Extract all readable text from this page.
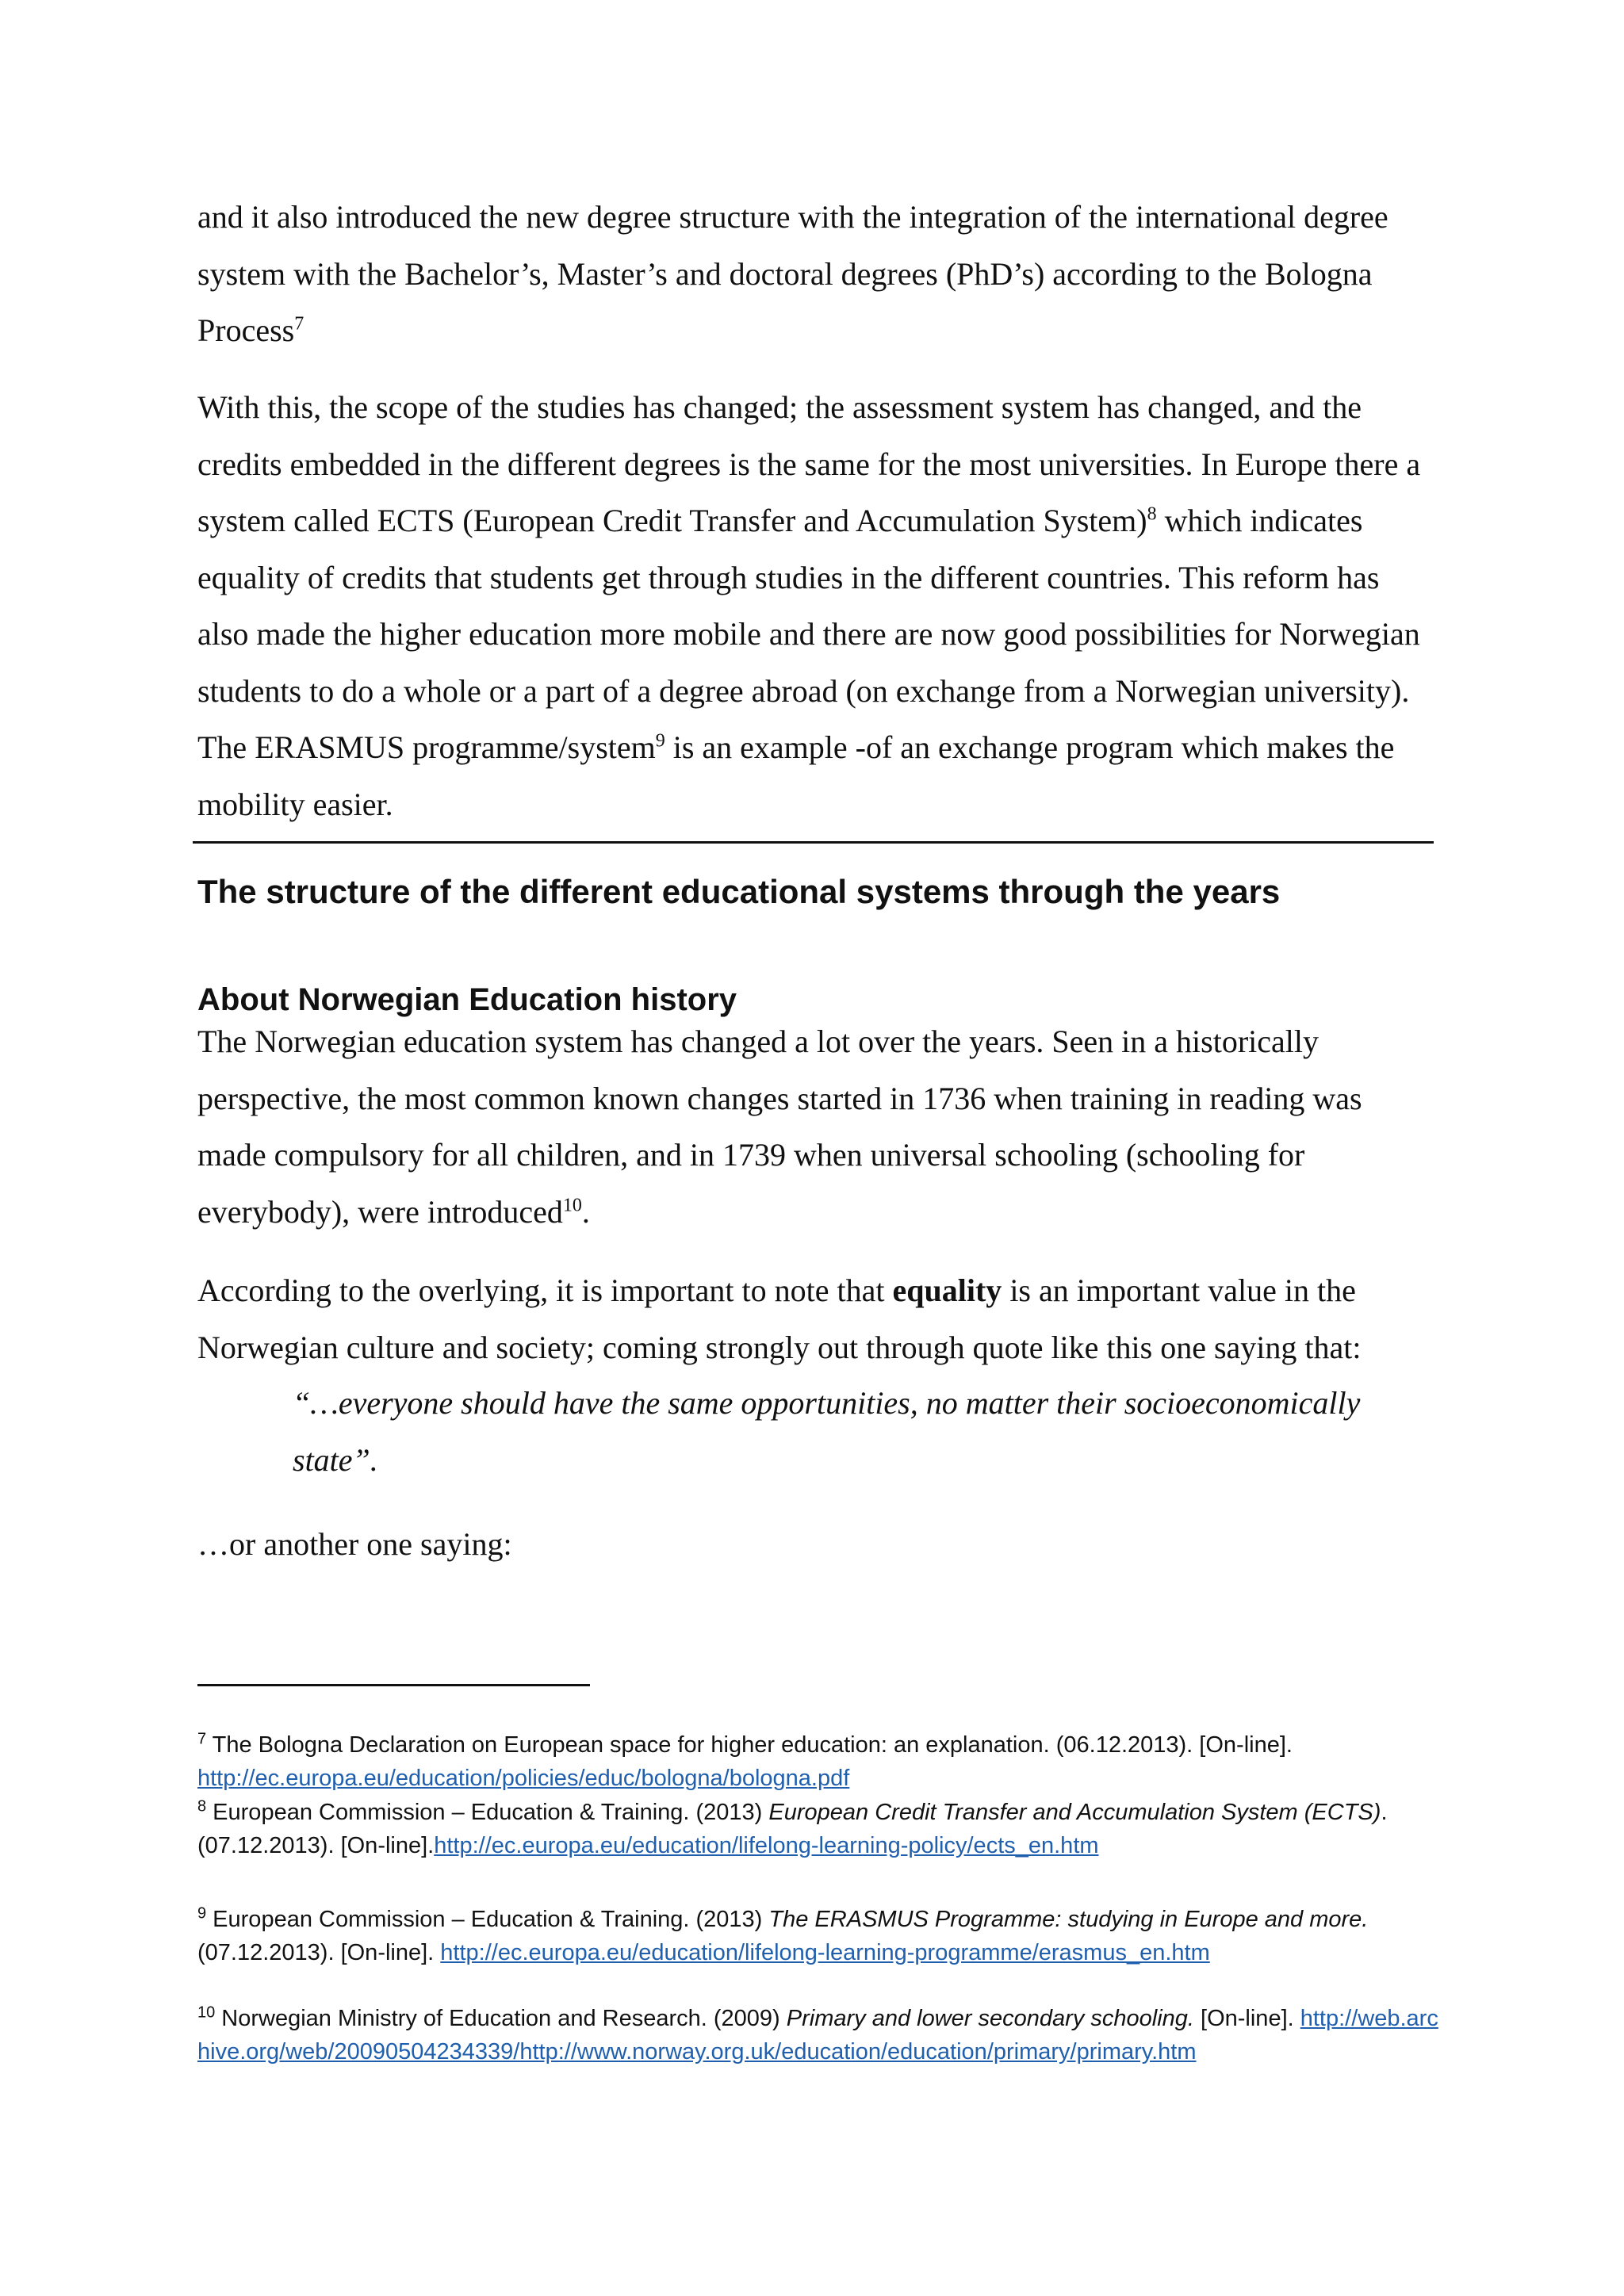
and it also introduced the new degree structure with the integration of the international degree system with the Bachelor’s, Master’s and doctoral degrees (PhD’s) according to the Bologna Process$^7$

With this, the scope of the studies has changed; the assessment system has changed, and the credits embedded in the different degrees is the same for the most universities. In Europe there a system called ECTS (European Credit Transfer and Accumulation System)$^8$ which indicates equality of credits that students get through studies in the different countries. This reform has also made the higher education more mobile and there are now good possibilities for Norwegian students to do a whole or a part of a degree abroad (on exchange from a Norwegian university). The ERASMUS programme/system$^9$ is an example -of an exchange program which makes the mobility easier.

The structure of the different educational systems through the years
About Norwegian Education history

The Norwegian education system has changed a lot over the years. Seen in a historically perspective, the most common known changes started in 1736 when training in reading was made compulsory for all children, and in 1739 when universal schooling (schooling for everybody), were introduced$^{10}$.

According to the overlying, it is important to note that equality is an important value in the Norwegian culture and society; coming strongly out through quote like this one saying that:

“…everyone should have the same opportunities, no matter their socioeconomically state”.

…or another one saying:

$^7$ The Bologna Declaration on European space for higher education: an explanation. (06.12.2013). [On-line].
http://ec.europa.eu/education/policies/educ/bologna/bologna.pdf

$^8$ European Commission – Education & Training. (2013) European Credit Transfer and Accumulation System (ECTS). (07.12.2013). [On-line].http://ec.europa.eu/education/lifelong-learning-policy/ects_en.htm

$^9$ European Commission – Education & Training. (2013) The ERASMUS Programme: studying in Europe and more. (07.12.2013). [On-line]. http://ec.europa.eu/education/lifelong-learning-programme/erasmus_en.htm

$^{10}$ Norwegian Ministry of Education and Research. (2009) Primary and lower secondary schooling. [On-line]. http://web.archive.org/web/20090504234339/http://www.norway.org.uk/education/education/primary/primary.htm
